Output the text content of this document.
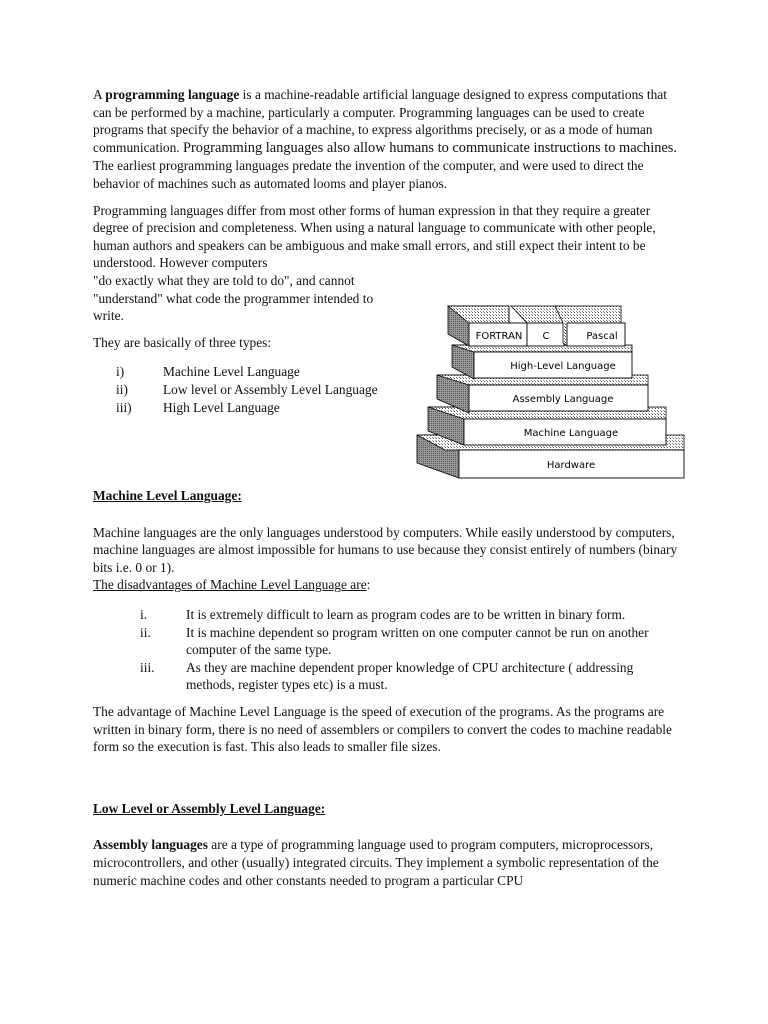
A programming language is a machine-readable artificial language designed to express computations that can be performed by a machine, particularly a computer. Programming languages can be used to create programs that specify the behavior of a machine, to express algorithms precisely, or as a mode of human communication. Programming languages also allow humans to communicate instructions to machines. The earliest programming languages predate the invention of the computer, and were used to direct the behavior of machines such as automated looms and player pianos.

Programming languages differ from most other forms of human expression in that they require a greater degree of precision and completeness. When using a natural language to communicate with other people, human authors and speakers can be ambiguous and make small errors, and still expect their intent to be understood. However computers
"do exactly what they are told to do", and cannot
"understand" what code the programmer intended to
write.

They are basically of three types:

i)	Machine Level Language
ii)	Low level or Assembly Level Language
iii)	High Level Language

Machine Level Language:

Machine languages are the only languages understood by computers. While easily understood by computers, machine languages are almost impossible for humans to use because they consist entirely of numbers (binary bits i.e. 0 or 1).

The disadvantages of Machine Level Language are:

i.	It is extremely difficult to learn as program codes are to be written in binary form.
ii.	It is machine dependent so program written on one computer cannot be run on another computer of the same type.
iii.	As they are machine dependent proper knowledge of CPU architecture ( addressing methods, register types etc) is a must.

The advantage of Machine Level Language is the speed of execution of the programs. As the programs are written in binary form, there is no need of assemblers or compilers to convert the codes to machine readable form so the execution is fast. This also leads to smaller file sizes.

Low Level or Assembly Level Language:

Assembly languages are a type of programming language used to program computers, microprocessors, microcontrollers, and other (usually) integrated circuits. They implement a symbolic representation of the numeric machine codes and other constants needed to program a particular CPU

Hardware
Machine Language
Assembly Language
High-Level Language
FORTRAN C	Pascal
